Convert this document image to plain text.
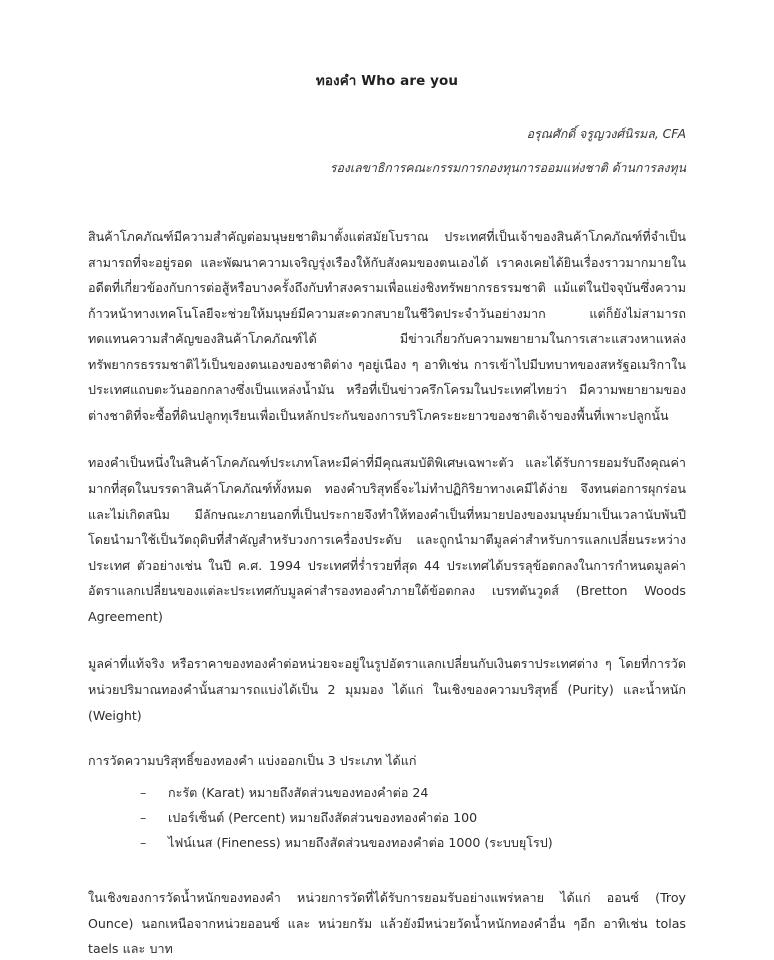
ทองคำ Who are you

อรุณศักดิ์ จรูญวงศ์นิรมล, CFA

รองเลขาธิการคณะกรรมการกองทุนการออมแห่งชาติ ด้านการลงทุน

สินค้าโภคภัณฑ์มีความสำคัญต่อมนุษยชาติมาตั้งแต่สมัยโบราณ ประเทศที่เป็นเจ้าของสินค้าโภคภัณฑ์ที่จำเป็นสามารถที่จะอยู่รอด และพัฒนาความเจริญรุ่งเรืองให้กับสังคมของตนเองได้ เราคงเคยได้ยินเรื่องราวมากมายในอดีตที่เกี่ยวข้องกับการต่อสู้หรือบางครั้งถึงกับทำสงครามเพื่อแย่งชิงทรัพยากรธรรมชาติ แม้แต่ในปัจจุบันซึ่งความก้าวหน้าทางเทคโนโลยีจะช่วยให้มนุษย์มีความสะดวกสบายในชีวิตประจำวันอย่างมาก แต่ก็ยังไม่สามารถทดแทนความสำคัญของสินค้าโภคภัณฑ์ได้ มีข่าวเกี่ยวกับความพยายามในการเสาะแสวงหาแหล่งทรัพยากรธรรมชาติไว้เป็นของตนเองของชาติต่าง ๆอยู่เนือง ๆ อาทิเช่น การเข้าไปมีบทบาทของสหรัฐอเมริกาในประเทศแถบตะวันออกกลางซึ่งเป็นแหล่งน้ำมัน หรือที่เป็นข่าวครึกโครมในประเทศไทยว่า มีความพยายามของต่างชาติที่จะซื้อที่ดินปลูกทุเรียนเพื่อเป็นหลักประกันของการบริโภคระยะยาวของชาติเจ้าของพื้นที่เพาะปลูกนั้น

ทองคำเป็นหนึ่งในสินค้าโภคภัณฑ์ประเภทโลหะมีค่าที่มีคุณสมบัติพิเศษเฉพาะตัว และได้รับการยอมรับถึงคุณค่ามากที่สุดในบรรดาสินค้าโภคภัณฑ์ทั้งหมด ทองคำบริสุทธิ์จะไม่ทำปฏิกิริยาทางเคมีได้ง่าย จึงทนต่อการผุกร่อนและไม่เกิดสนิม มีลักษณะภายนอกที่เป็นประกายจึงทำให้ทองคำเป็นที่หมายปองของมนุษย์มาเป็นเวลานับพันปี โดยนำมาใช้เป็นวัตถุดิบที่สำคัญสำหรับวงการเครื่องประดับ และถูกนำมาตีมูลค่าสำหรับการแลกเปลี่ยนระหว่างประเทศ ตัวอย่างเช่น ในปี ค.ศ. 1994 ประเทศที่ร่ำรวยที่สุด 44 ประเทศได้บรรลุข้อตกลงในการกำหนดมูลค่าอัตราแลกเปลี่ยนของแต่ละประเทศกับมูลค่าสำรองทองคำภายใต้ข้อตกลง เบรทตันวูดส์ (Bretton Woods Agreement)

มูลค่าที่แท้จริง หรือราคาของทองคำต่อหน่วยจะอยู่ในรูปอัตราแลกเปลี่ยนกับเงินตราประเทศต่าง ๆ โดยที่การวัดหน่วยปริมาณทองคำนั้นสามารถแบ่งได้เป็น 2 มุมมอง ได้แก่ ในเชิงของความบริสุทธิ์ (Purity) และน้ำหนัก (Weight)

การวัดความบริสุทธิ์ของทองคำ แบ่งออกเป็น 3 ประเภท ได้แก่

– กะรัต (Karat) หมายถึงสัดส่วนของทองคำต่อ 24
– เปอร์เซ็นต์ (Percent) หมายถึงสัดส่วนของทองคำต่อ 100
– ไฟน์เนส (Fineness) หมายถึงสัดส่วนของทองคำต่อ 1000 (ระบบยุโรป)

ในเชิงของการวัดน้ำหนักของทองคำ หน่วยการวัดที่ได้รับการยอมรับอย่างแพร่หลาย ได้แก่ ออนซ์ (Troy Ounce) นอกเหนือจากหน่วยออนซ์ และ หน่วยกรัม แล้วยังมีหน่วยวัดน้ำหนักทองคำอื่น ๆอีก อาทิเช่น tolas taels และ บาท
